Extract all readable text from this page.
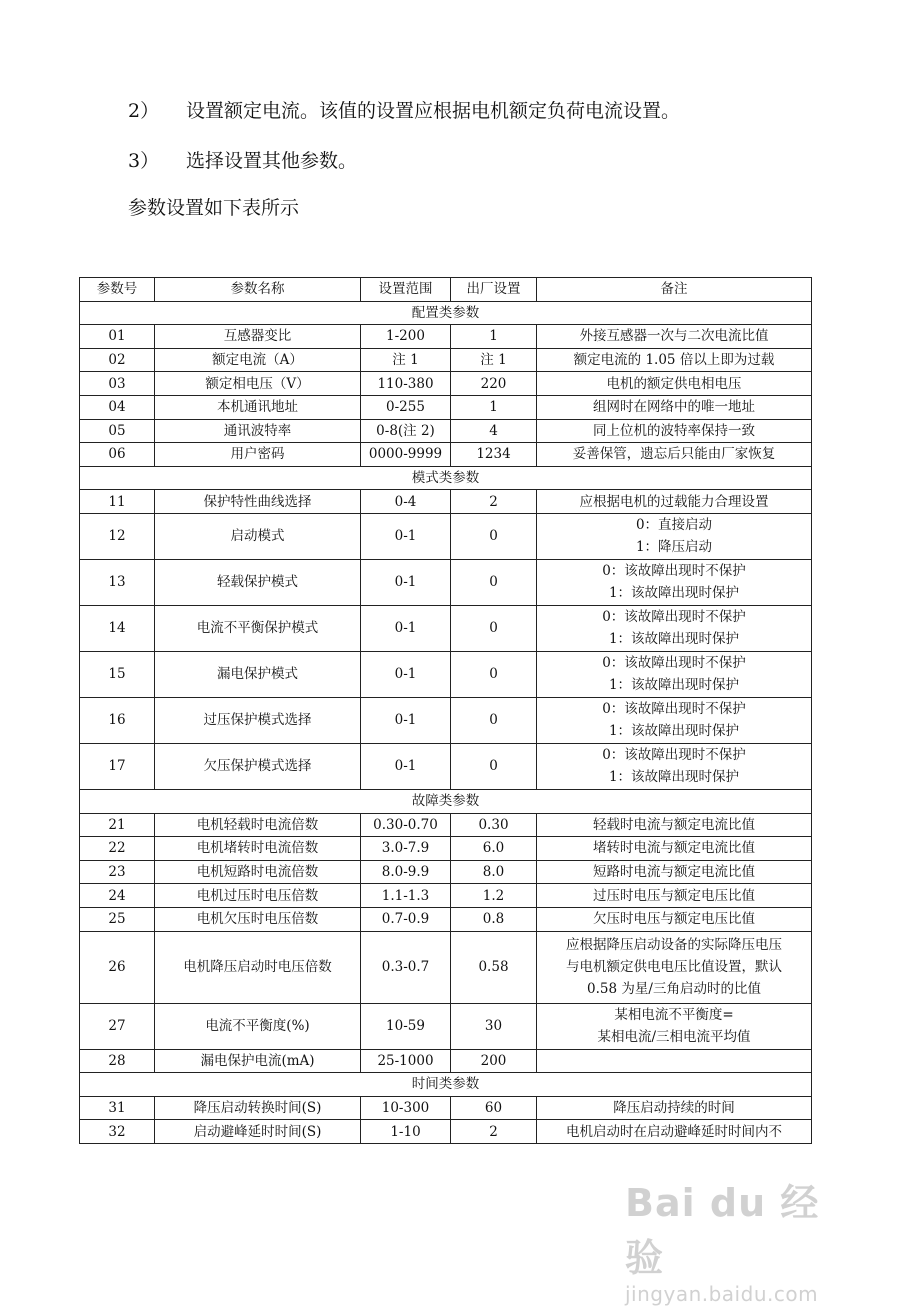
2） 设置额定电流。该值的设置应根据电机额定负荷电流设置。
3） 选择设置其他参数。
参数设置如下表所示
参数号	参数名称	设置范围	出厂设置	备注
配置类参数				
01	互感器变比	1-200	1	外接互感器一次与二次电流比值
02	额定电流（A）	注 1	注 1	额定电流的 1.05 倍以上即为过载
03	额定相电压（V）	110-380	220	电机的额定供电相电压
04	本机通讯地址	0-255	1	组网时在网络中的唯一地址
05	通讯波特率	0-8(注 2)	4	同上位机的波特率保持一致
06	用户密码	0000-9999	1234	妥善保管，遗忘后只能由厂家恢复
模式类参数				
11	保护特性曲线选择	0-4	2	应根据电机的过载能力合理设置
12	启动模式	0-1	0	0：直接启动
1：降压启动

13	轻载保护模式	0-1	0	0：该故障出现时不保护
1：该故障出现时保护

14	电流不平衡保护模式	0-1	0	0：该故障出现时不保护
1：该故障出现时保护

15	漏电保护模式	0-1	0	0：该故障出现时不保护
1：该故障出现时保护

16	过压保护模式选择	0-1	0	0：该故障出现时不保护
1：该故障出现时保护

17	欠压保护模式选择	0-1	0	0：该故障出现时不保护
1：该故障出现时保护

故障类参数				
21	电机轻载时电流倍数	0.30-0.70	0.30	轻载时电流与额定电流比值
22	电机堵转时电流倍数	3.0-7.9	6.0	堵转时电流与额定电流比值
23	电机短路时电流倍数	8.0-9.9	8.0	短路时电流与额定电流比值
24	电机过压时电压倍数	1.1-1.3	1.2	过压时电压与额定电压比值
25	电机欠压时电压倍数	0.7-0.9	0.8	欠压时电压与额定电压比值
26	电机降压启动时电压倍数	0.3-0.7	0.58	应根据降压启动设备的实际降压电压
与电机额定供电电压比值设置，默认
0.58 为星/三角启动时的比值

27	电流不平衡度(%)	10-59	30	某相电流不平衡度=
某相电流/三相电流平均值

28	漏电保护电流(mA)	25-1000	200	
时间类参数				
31	降压启动转换时间(S)	10-300	60	降压启动持续的时间
32	启动避峰延时时间(S)	1-10	2	电机启动时在启动避峰延时时间内不
Bai du 经验
jingyan.baidu.com
